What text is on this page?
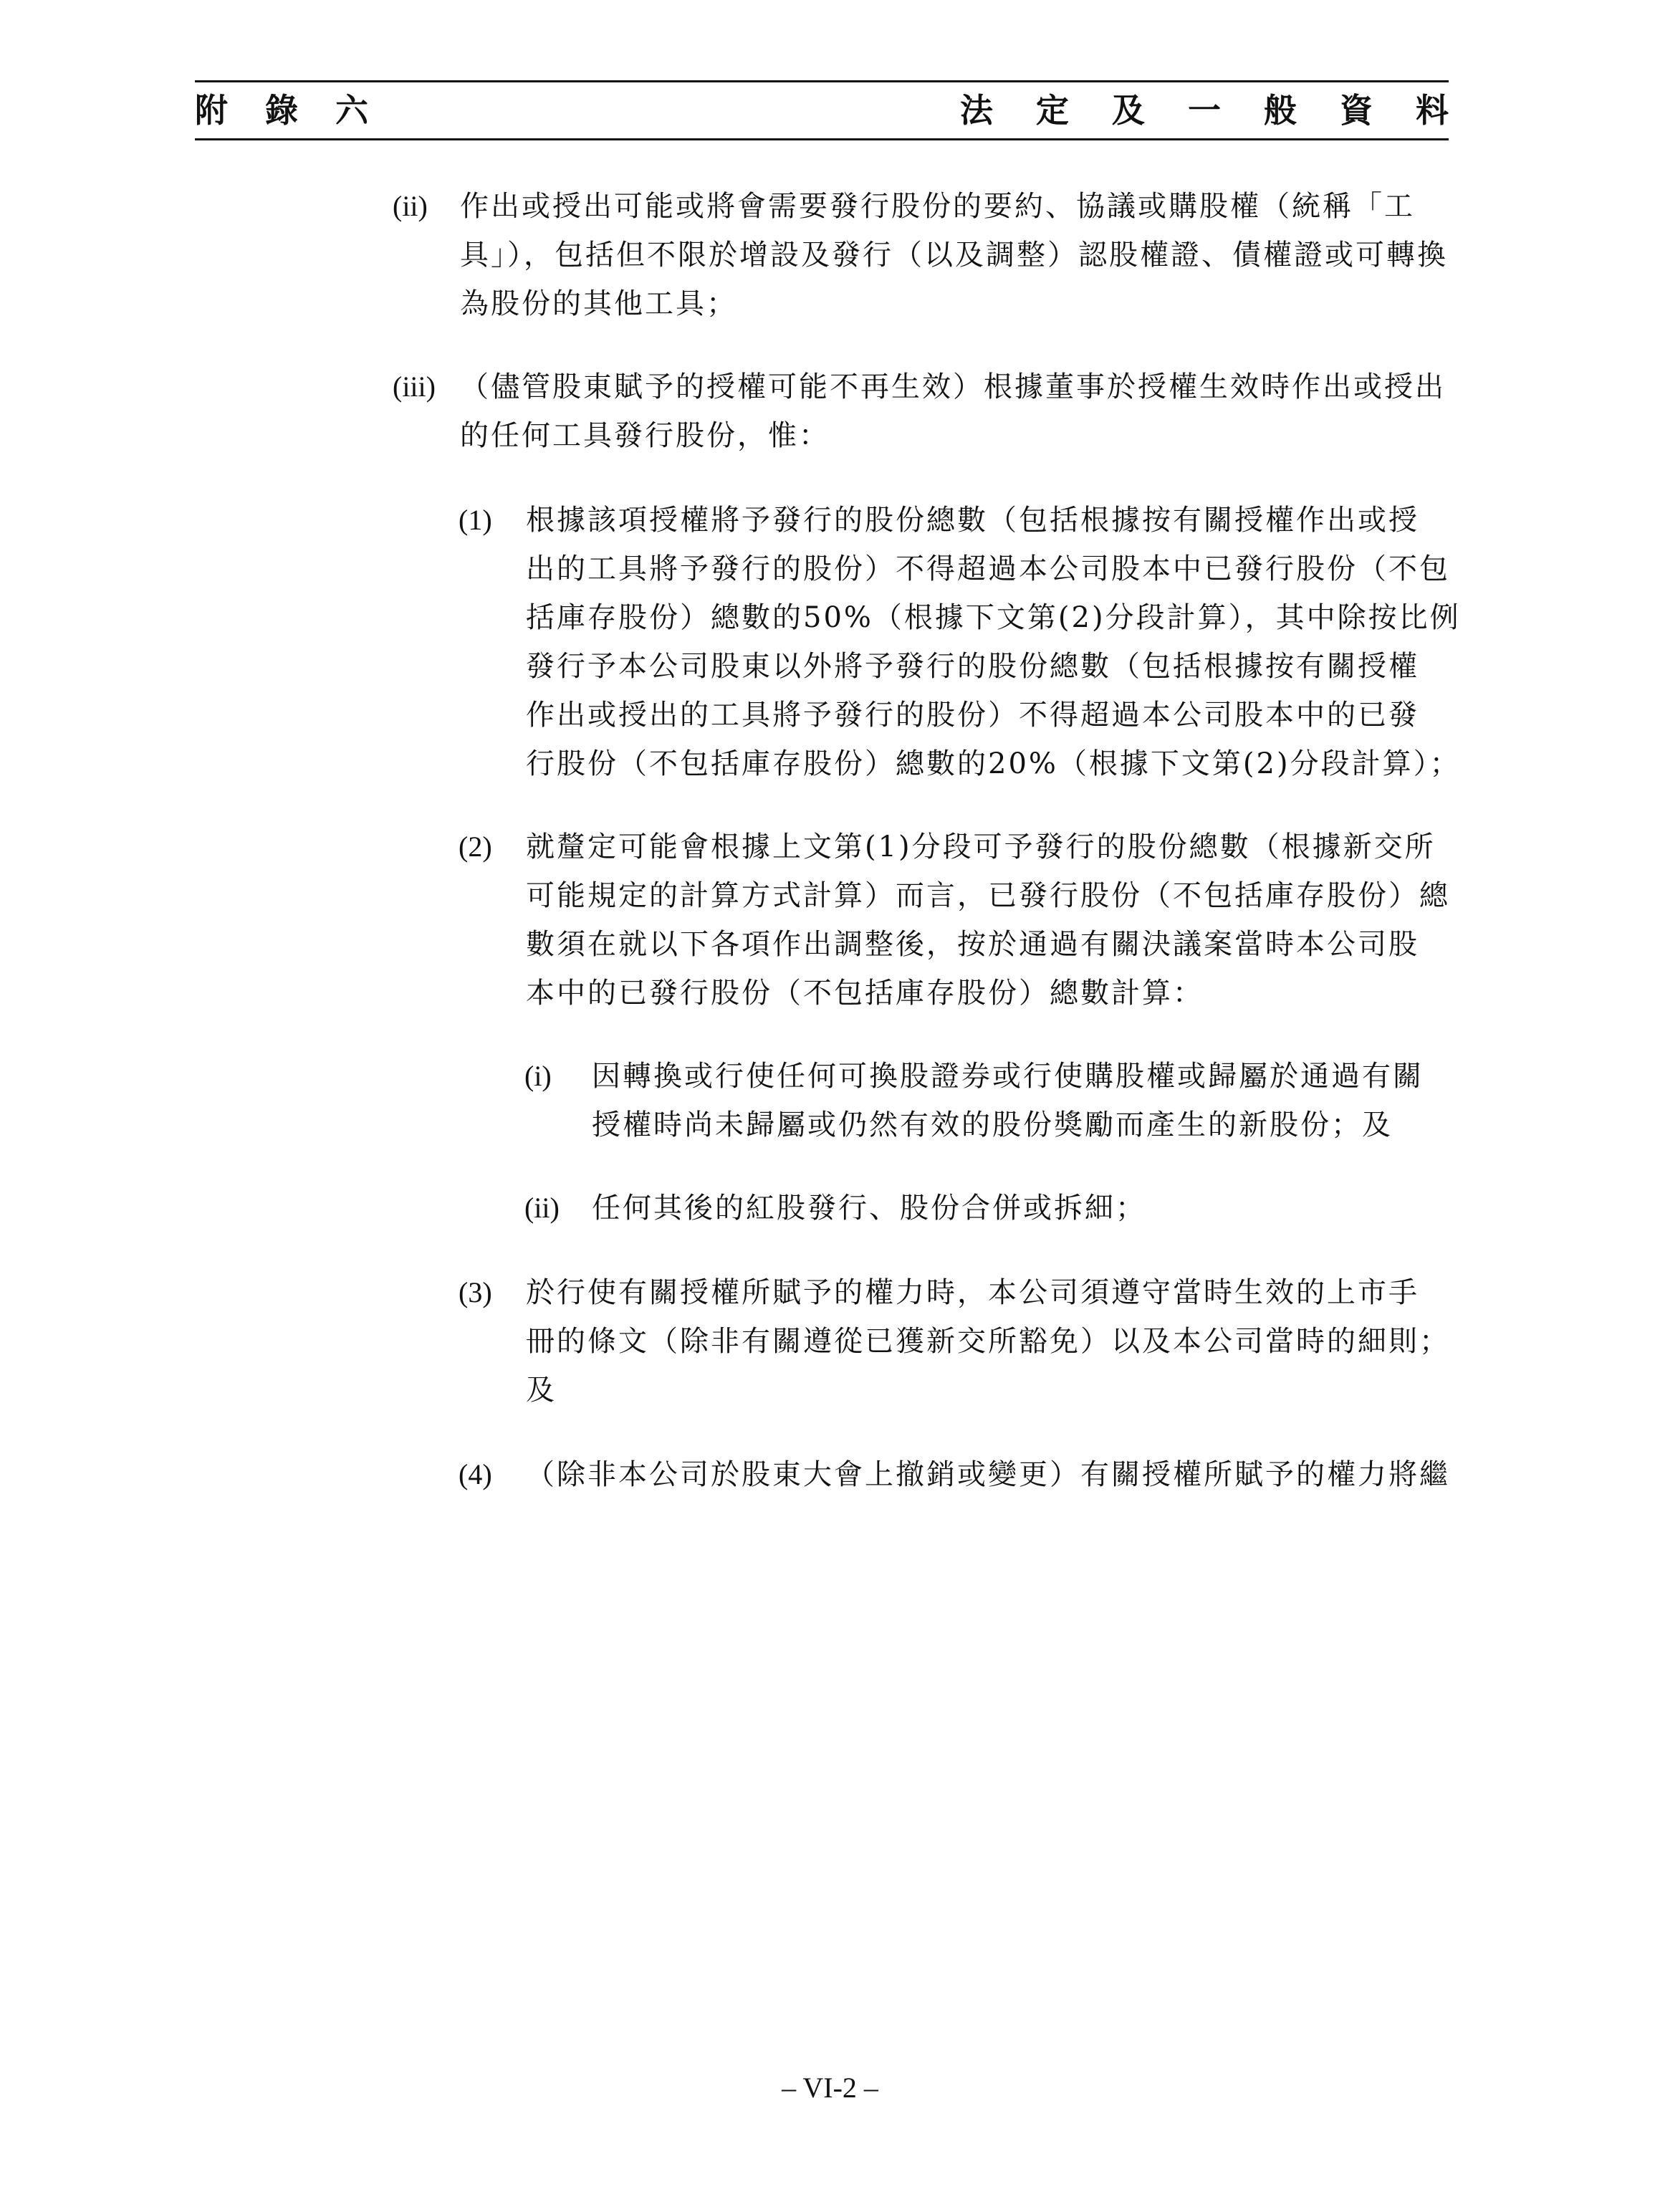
附 錄 六	法 定 及 一 般 資 料
(ii) 作出或授出可能或將會需要發行股份的要約、協議或購股權（統稱「工
具」），包括但不限於增設及發行（以及調整）認股權證、債權證或可轉換
為股份的其他工具；
(iii) （儘管股東賦予的授權可能不再生效）根據董事於授權生效時作出或授出
的任何工具發行股份，惟：
(1) 根據該項授權將予發行的股份總數（包括根據按有關授權作出或授
出的工具將予發行的股份）不得超過本公司股本中已發行股份（不包
括庫存股份）總數的50%（根據下文第(2)分段計算），其中除按比例
發行予本公司股東以外將予發行的股份總數（包括根據按有關授權
作出或授出的工具將予發行的股份）不得超過本公司股本中的已發
行股份（不包括庫存股份）總數的20%（根據下文第(2)分段計算）；
(2) 就釐定可能會根據上文第(1)分段可予發行的股份總數（根據新交所
可能規定的計算方式計算）而言，已發行股份（不包括庫存股份）總
數須在就以下各項作出調整後，按於通過有關決議案當時本公司股
本中的已發行股份（不包括庫存股份）總數計算：
(i) 因轉換或行使任何可換股證券或行使購股權或歸屬於通過有關
授權時尚未歸屬或仍然有效的股份獎勵而產生的新股份；及
(ii) 任何其後的紅股發行、股份合併或拆細；
(3) 於行使有關授權所賦予的權力時，本公司須遵守當時生效的上市手
冊的條文（除非有關遵從已獲新交所豁免）以及本公司當時的細則；
及
(4) （除非本公司於股東大會上撤銷或變更）有關授權所賦予的權力將繼
– VI-2 –
